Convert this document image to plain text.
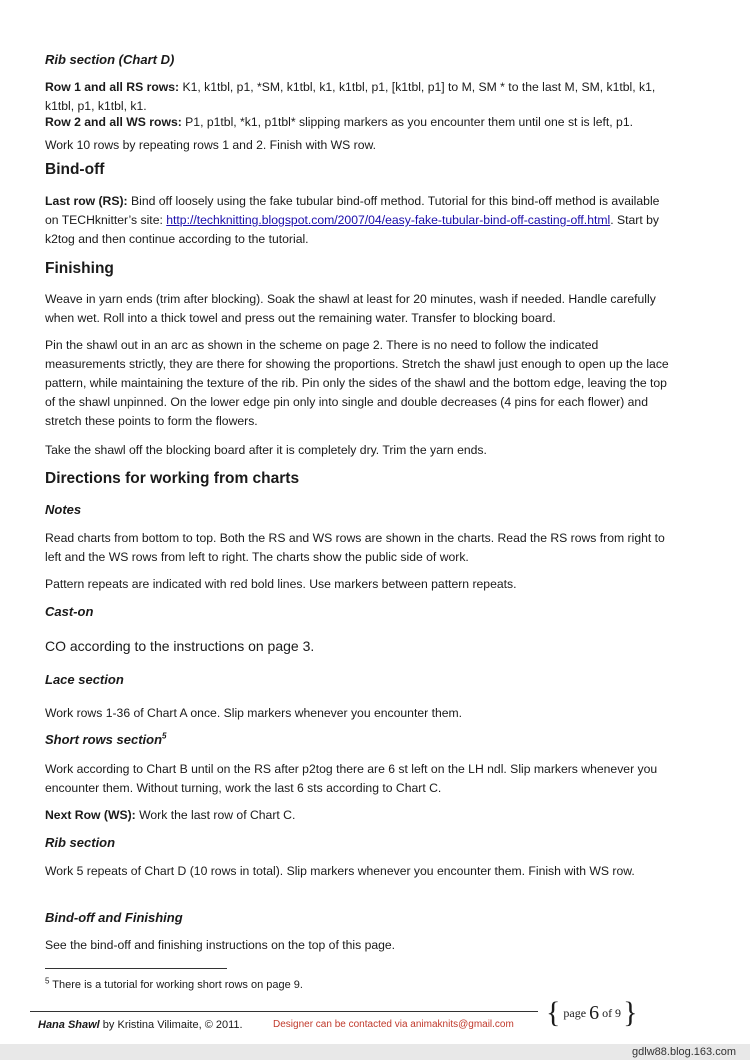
Rib section (Chart D)

Row 1 and all RS rows: K1, k1tbl, p1, *SM, k1tbl, k1, k1tbl, p1, [k1tbl, p1] to M, SM * to the last M, SM, k1tbl, k1, k1tbl, p1, k1tbl, k1.

Row 2 and all WS rows: P1, p1tbl, *k1, p1tbl* slipping markers as you encounter them until one st is left, p1.

Work 10 rows by repeating rows 1 and 2. Finish with WS row.

Bind-off

Last row (RS): Bind off loosely using the fake tubular bind-off method. Tutorial for this bind-off method is available on TECHknitter’s site: http://techknitting.blogspot.com/2007/04/easy-fake-tubular-bind-off-casting-off.html. Start by k2tog and then continue according to the tutorial.

Finishing

Weave in yarn ends (trim after blocking). Soak the shawl at least for 20 minutes, wash if needed. Handle carefully when wet. Roll into a thick towel and press out the remaining water. Transfer to blocking board.

Pin the shawl out in an arc as shown in the scheme on page 2. There is no need to follow the indicated measurements strictly, they are there for showing the proportions. Stretch the shawl just enough to open up the lace pattern, while maintaining the texture of the rib. Pin only the sides of the shawl and the bottom edge, leaving the top of the shawl unpinned. On the lower edge pin only into single and double decreases (4 pins for each flower) and stretch these points to form the flowers.

Take the shawl off the blocking board after it is completely dry. Trim the yarn ends.

Directions for working from charts
Notes

Read charts from bottom to top. Both the RS and WS rows are shown in the charts. Read the RS rows from right to left and the WS rows from left to right. The charts show the public side of work.

Pattern repeats are indicated with red bold lines. Use markers between pattern repeats.

Cast-on

CO according to the instructions on page 3.

Lace section

Work rows 1-36 of Chart A once. Slip markers whenever you encounter them.

Short rows section$^5$

Work according to Chart B until on the RS after p2tog there are 6 st left on the LH ndl. Slip markers whenever you encounter them. Without turning, work the last 6 sts according to Chart C.

Next Row (WS): Work the last row of Chart C.

Rib section

Work 5 repeats of Chart D (10 rows in total). Slip markers whenever you encounter them. Finish with WS row.

Bind-off and Finishing

See the bind-off and finishing instructions on the top of this page.

$^5$ There is a tutorial for working short rows on page 9.
Hana Shawl by Kristina Vilimaite, © 2011.	Designer can be contacted via animaknits@gmail.com { page 6 of 9 }
gdlw88.blog.163.com
